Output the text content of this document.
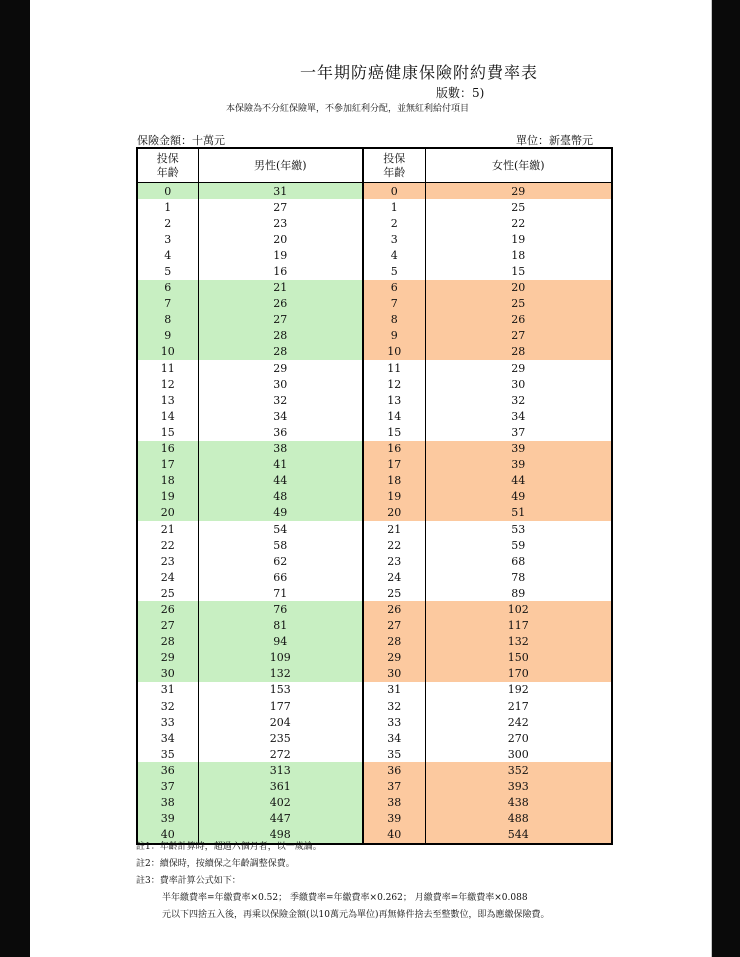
一年期防癌健康保險附約費率表
版數：5)
本保險為不分紅保險單，不參加紅利分配，並無紅利給付項目
保險金額：十萬元	單位：新臺幣元
投保
年齡	男性(年繳)	投保
年齡	女性(年繳)
0	31	0	29
1	27	1	25
2	23	2	22
3	20	3	19
4	19	4	18
5	16	5	15
6	21	6	20
7	26	7	25
8	27	8	26
9	28	9	27
10	28	10	28
11	29	11	29
12	30	12	30
13	32	13	32
14	34	14	34
15	36	15	37
16	38	16	39
17	41	17	39
18	44	18	44
19	48	19	49
20	49	20	51
21	54	21	53
22	58	22	59
23	62	23	68
24	66	24	78
25	71	25	89
26	76	26	102
27	81	27	117
28	94	28	132
29	109	29	150
30	132	30	170
31	153	31	192
32	177	32	217
33	204	33	242
34	235	34	270
35	272	35	300
36	313	36	352
37	361	37	393
38	402	38	438
39	447	39	488
40	498	40	544
註1：年齡計算時，超過六個月者，以一歲論。
註2：續保時，按續保之年齡調整保費。
註3：費率計算公式如下：
半年繳費率=年繳費率×0.52； 季繳費率=年繳費率×0.262； 月繳費率=年繳費率×0.088
元以下四捨五入後，再乘以保險金額(以10萬元為單位)再無條件捨去至整數位，即為應繳保險費。
